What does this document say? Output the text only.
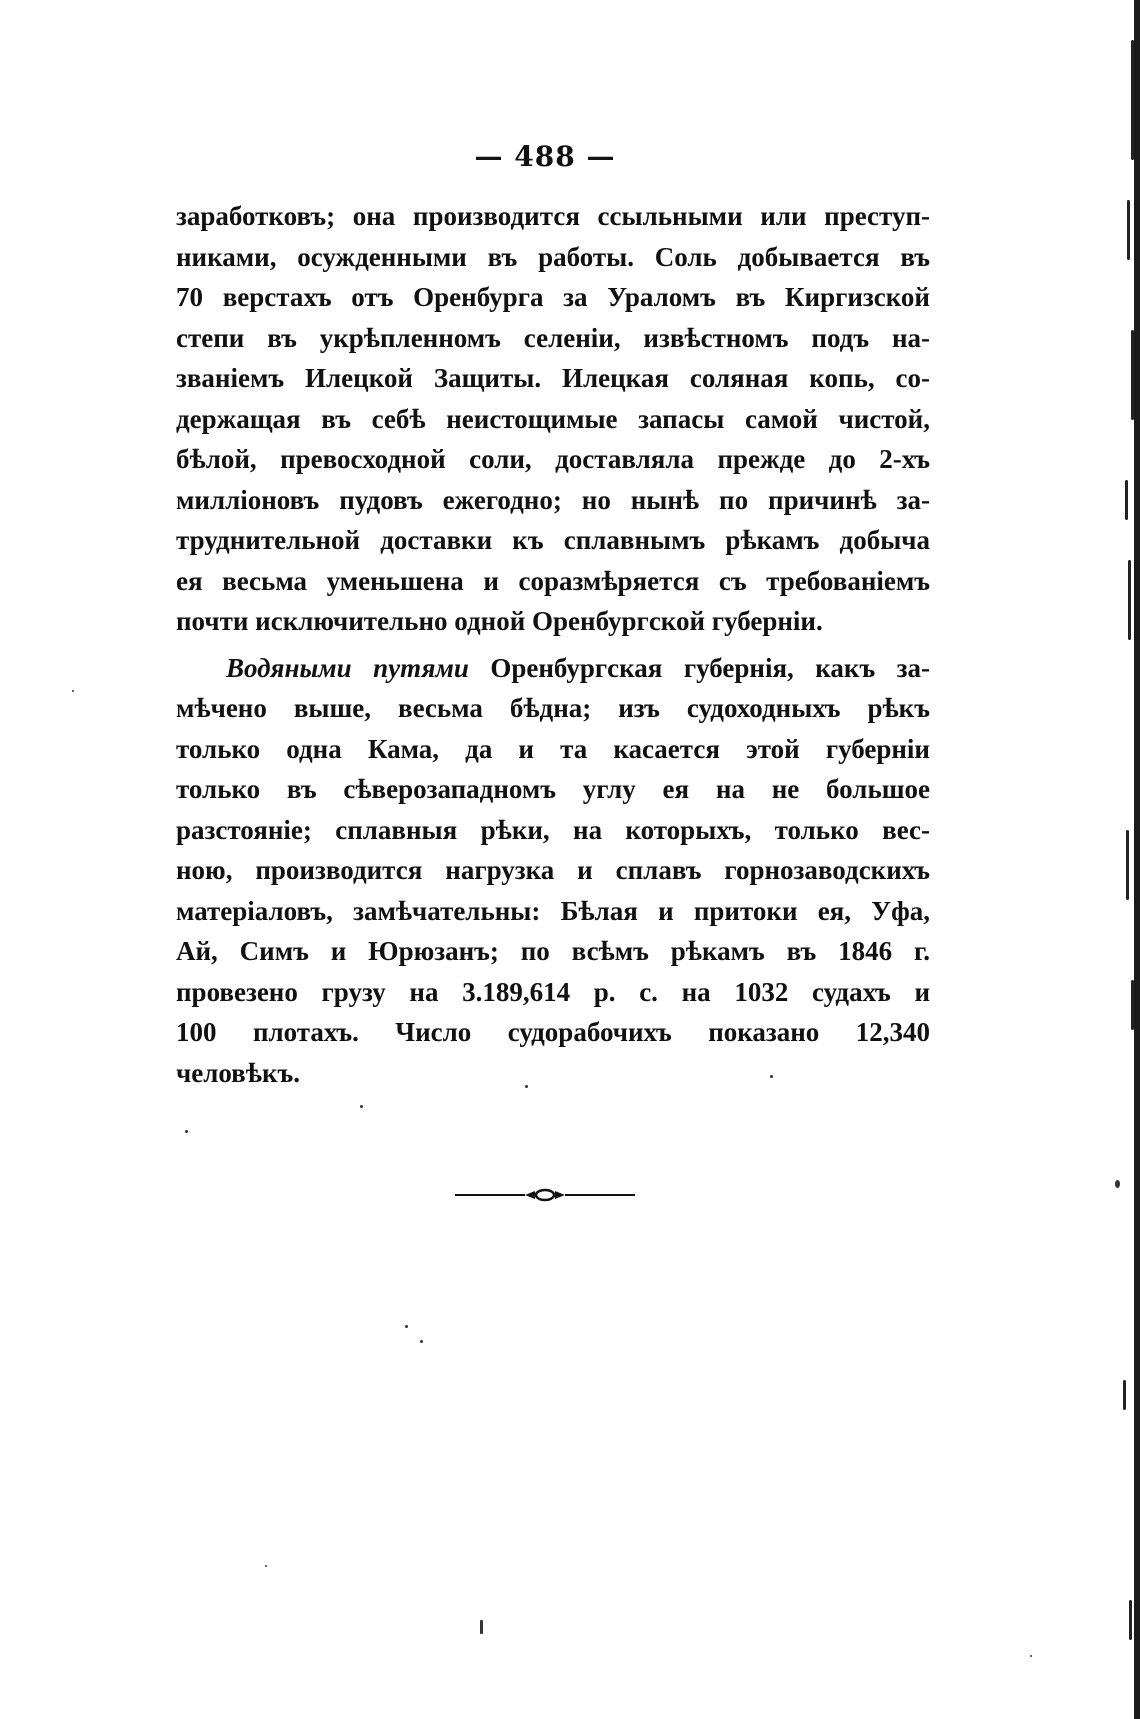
— 488 —
заработковъ; она производится ссыльными или преступ-
никами, осужденными въ работы. Соль добывается въ
70 верстахъ отъ Оренбурга за Ураломъ въ Киргизской
степи въ укрѣпленномъ селеніи, извѣстномъ подъ на-
званіемъ Илецкой Защиты. Илецкая соляная копь, со-
держащая въ себѣ неистощимые запасы самой чистой,
бѣлой, превосходной соли, доставляла прежде до 2-хъ
милліоновъ пудовъ ежегодно; но нынѣ по причинѣ за-
труднительной доставки къ сплавнымъ рѣкамъ добыча
ея весьма уменьшена и соразмѣряется съ требованіемъ
почти исключительно одной Оренбургской губерніи.
Водяными путями Оренбургская губернія, какъ за-
мѣчено выше, весьма бѣдна; изъ судоходныхъ рѣкъ
только одна Кама, да и та касается этой губерніи
только въ сѣверозападномъ углу ея на не большое
разстояніе; сплавныя рѣки, на которыхъ, только вес-
ною, производится нагрузка и сплавъ горнозаводскихъ
матеріаловъ, замѣчательны: Бѣлая и притоки ея, Уфа,
Ай, Симъ и Юрюзанъ; по всѣмъ рѣкамъ въ 1846 г.
провезено грузу на 3.189,614 р. с. на 1032 судахъ и
100 плотахъ. Число судорабочихъ показано 12,340
человѣкъ.
